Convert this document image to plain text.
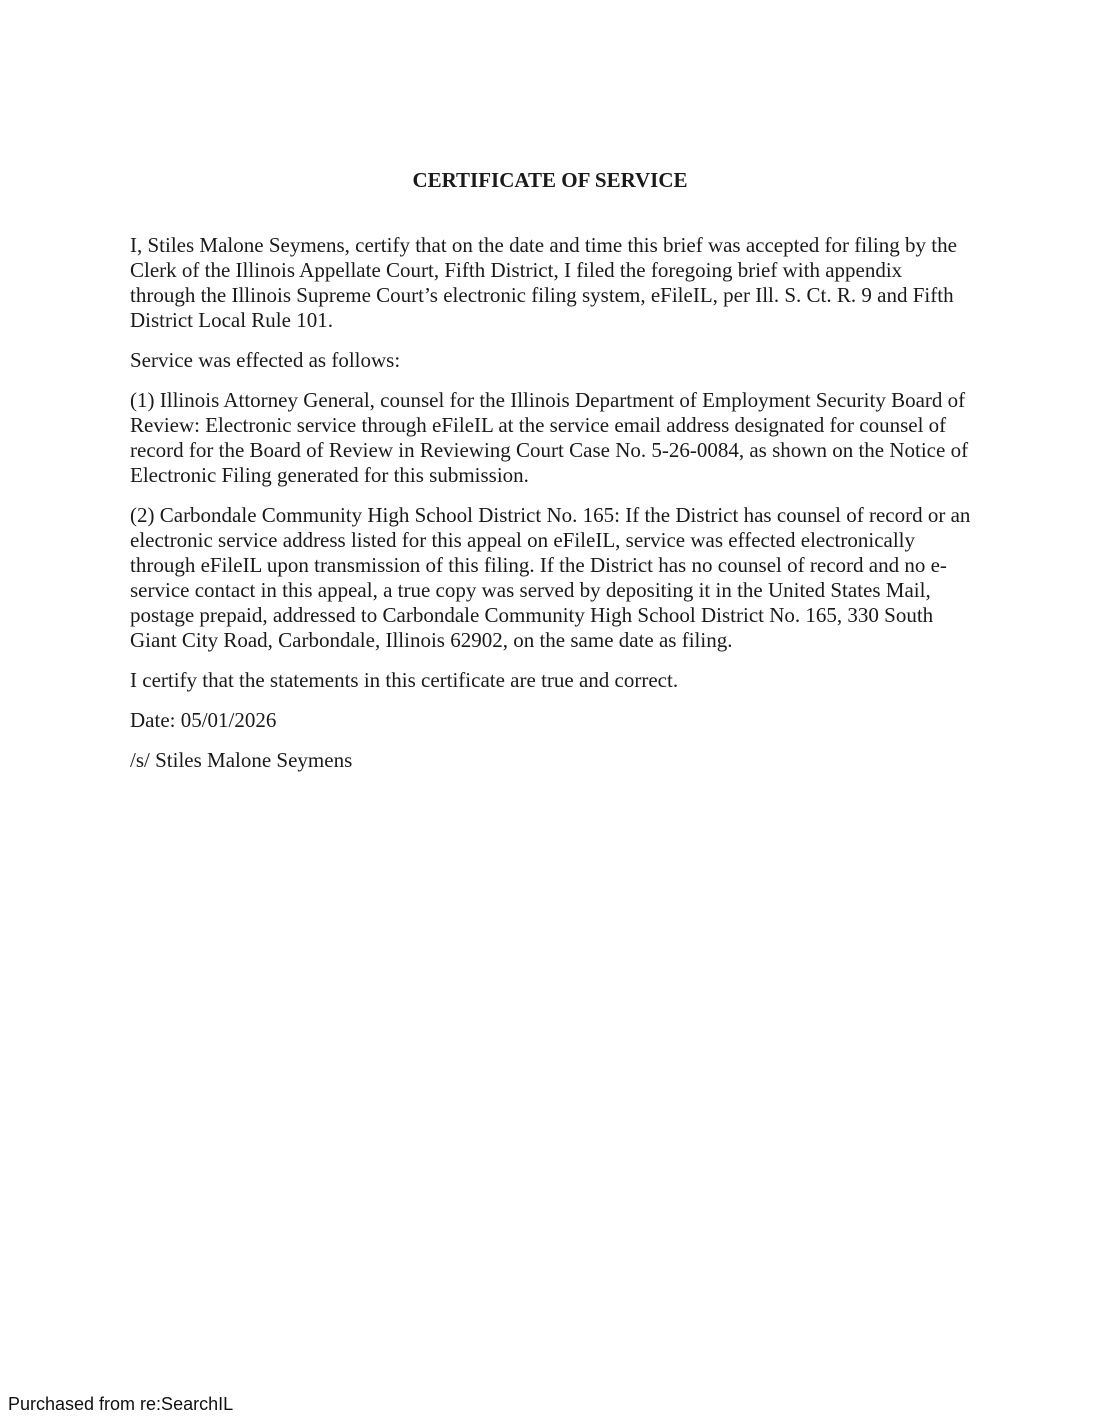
CERTIFICATE OF SERVICE

I, Stiles Malone Seymens, certify that on the date and time this brief was accepted for filing by the Clerk of the Illinois Appellate Court, Fifth District, I filed the foregoing brief with appendix through the Illinois Supreme Court’s electronic filing system, eFileIL, per Ill. S. Ct. R. 9 and Fifth District Local Rule 101.

Service was effected as follows:

(1) Illinois Attorney General, counsel for the Illinois Department of Employment Security Board of Review: Electronic service through eFileIL at the service email address designated for counsel of record for the Board of Review in Reviewing Court Case No. 5-26-0084, as shown on the Notice of Electronic Filing generated for this submission.

(2) Carbondale Community High School District No. 165: If the District has counsel of record or an electronic service address listed for this appeal on eFileIL, service was effected electronically through eFileIL upon transmission of this filing. If the District has no counsel of record and no e-service contact in this appeal, a true copy was served by depositing it in the United States Mail, postage prepaid, addressed to Carbondale Community High School District No. 165, 330 South Giant City Road, Carbondale, Illinois 62902, on the same date as filing.

I certify that the statements in this certificate are true and correct.

Date: 05/01/2026

/s/ Stiles Malone Seymens

Purchased from re:SearchIL
